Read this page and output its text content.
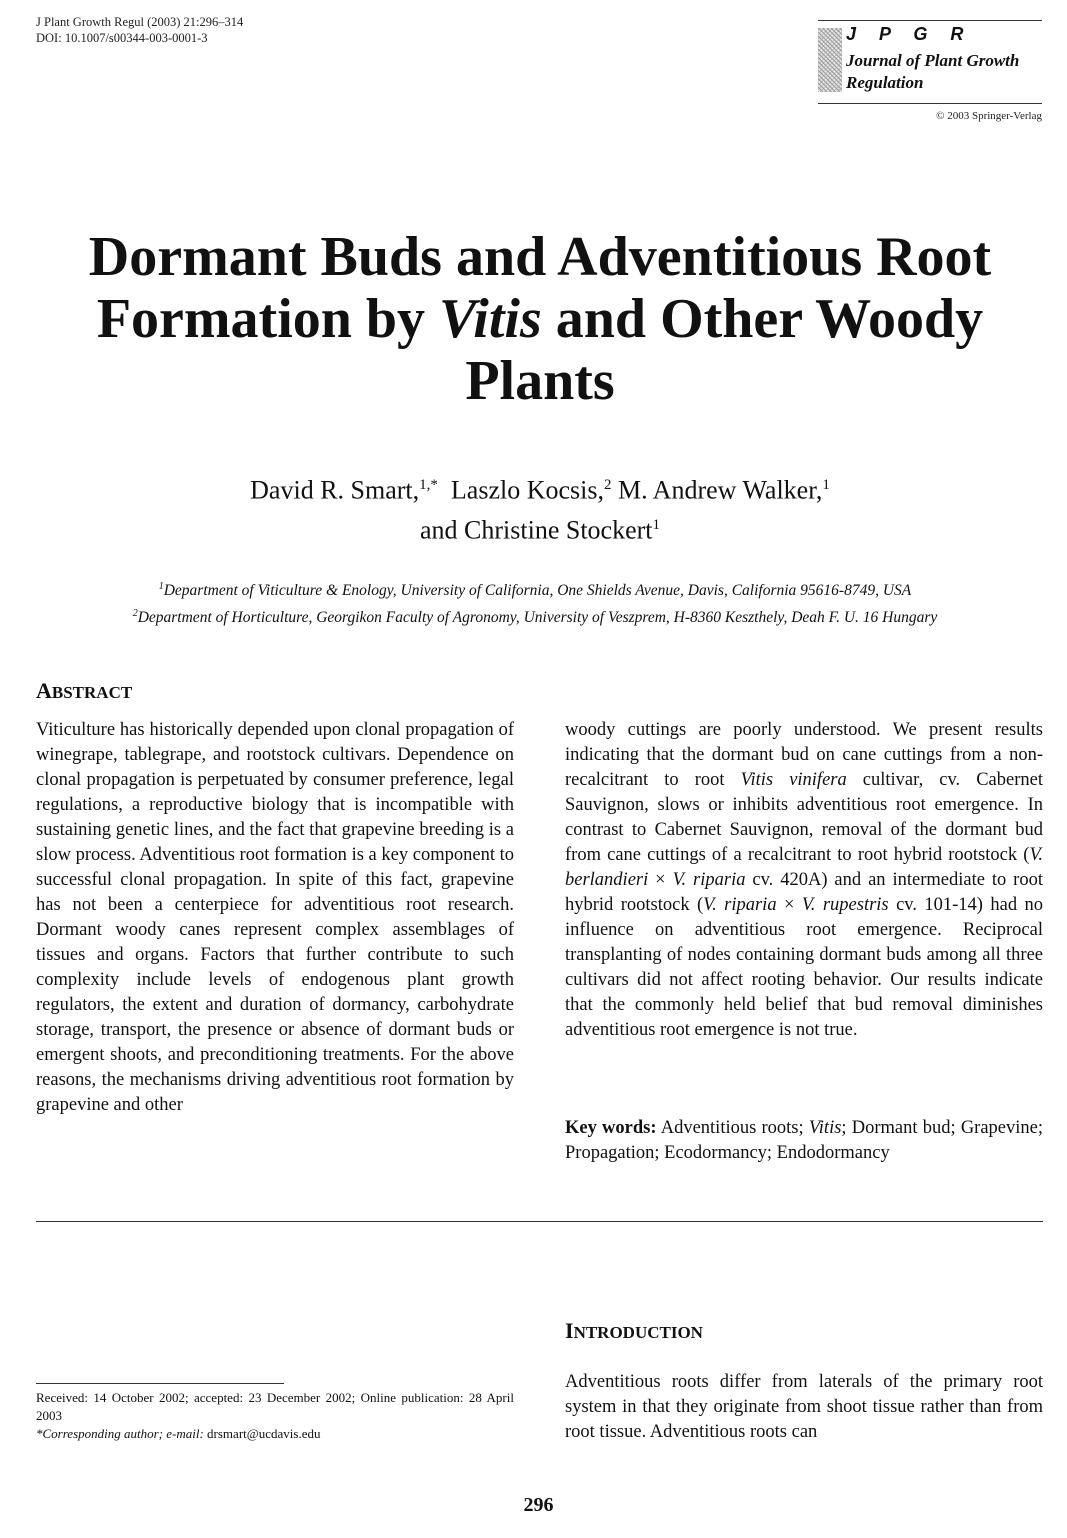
J Plant Growth Regul (2003) 21:296–314
DOI: 10.1007/s00344-003-0001-3	J P G R
Journal of Plant Growth Regulation
© 2003 Springer-Verlag
Dormant Buds and Adventitious Root Formation by Vitis and Other Woody Plants
David R. Smart,$^{1,*}$ Laszlo Kocsis,$^2$ M. Andrew Walker,$^1$
and Christine Stockert$^1$
$^1$Department of Viticulture & Enology, University of California, One Shields Avenue, Davis, California 95616-8749, USA
$^2$Department of Horticulture, Georgikon Faculty of Agronomy, University of Veszprem, H-8360 Keszthely, Deah F. U. 16 Hungary
ABSTRACT
Viticulture has historically depended upon clonal propagation of winegrape, tablegrape, and rootstock cultivars. Dependence on clonal propagation is perpetuated by consumer preference, legal regulations, a reproductive biology that is incompatible with sustaining genetic lines, and the fact that grapevine breeding is a slow process. Adventitious root formation is a key component to successful clonal propagation. In spite of this fact, grapevine has not been a centerpiece for adventitious root research. Dormant woody canes represent complex assemblages of tissues and organs. Factors that further contribute to such complexity include levels of endogenous plant growth regulators, the extent and duration of dormancy, carbohydrate storage, transport, the presence or absence of dormant buds or emergent shoots, and preconditioning treatments. For the above reasons, the mechanisms driving adventitious root formation by grapevine and other
woody cuttings are poorly understood. We present results indicating that the dormant bud on cane cuttings from a non-recalcitrant to root Vitis vinifera cultivar, cv. Cabernet Sauvignon, slows or inhibits adventitious root emergence. In contrast to Cabernet Sauvignon, removal of the dormant bud from cane cuttings of a recalcitrant to root hybrid rootstock (V. berlandieri × V. riparia cv. 420A) and an intermediate to root hybrid rootstock (V. riparia × V. rupestris cv. 101-14) had no influence on adventitious root emergence. Reciprocal transplanting of nodes containing dormant buds among all three cultivars did not affect rooting behavior. Our results indicate that the commonly held belief that bud removal diminishes adventitious root emergence is not true.
Key words: Adventitious roots; Vitis; Dormant bud; Grapevine; Propagation; Ecodormancy; Endodormancy
INTRODUCTION
Adventitious roots differ from laterals of the primary root system in that they originate from shoot tissue rather than from root tissue. Adventitious roots can
Received: 14 October 2002; accepted: 23 December 2002; Online publication: 28 April 2003
*Corresponding author; e-mail: drsmart@ucdavis.edu
296
